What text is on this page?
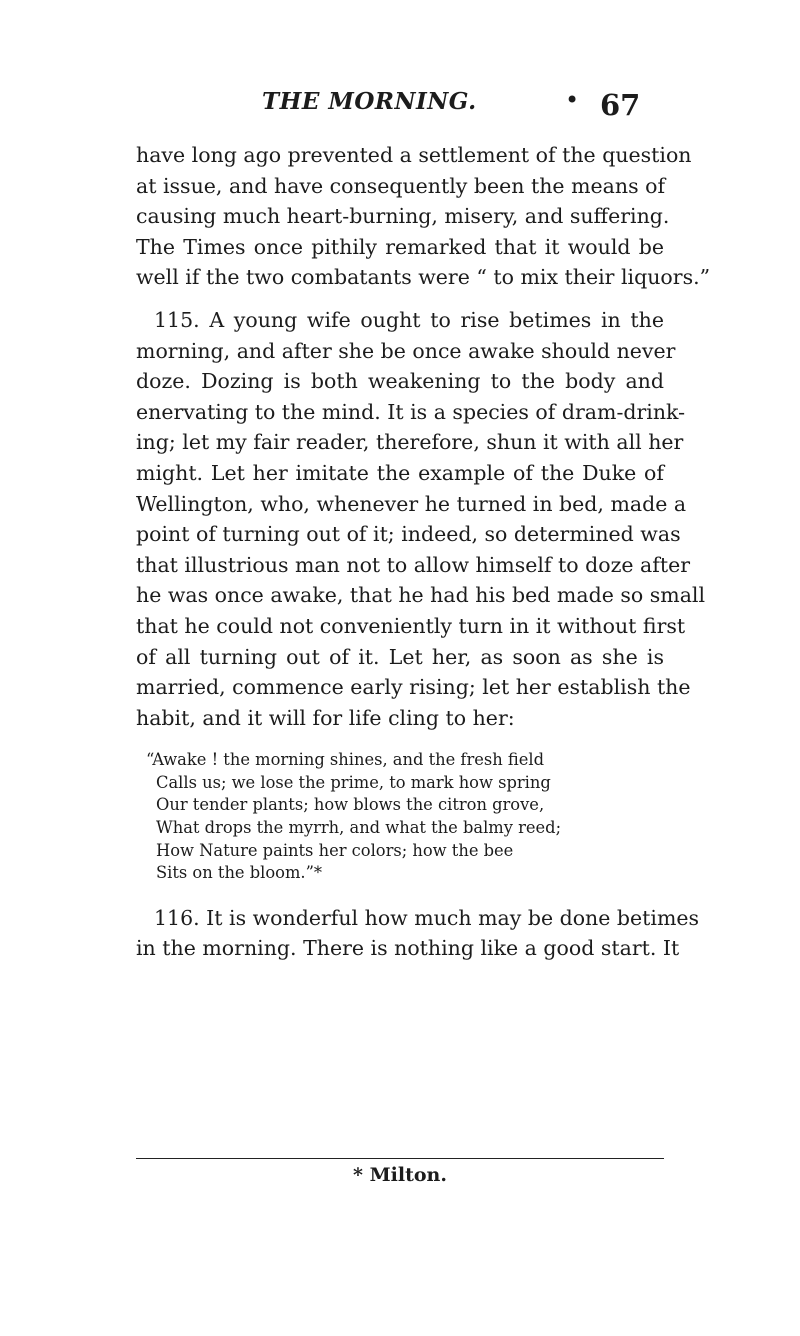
THE MORNING.	• 67
have long ago prevented a settlement of the question
at issue, and have consequently been the means of
causing much heart-burning, misery, and suffering.
The Times once pithily remarked that it would be
well if the two combatants were “ to mix their liquors.”
115. A young wife ought to rise betimes in the
morning, and after she be once awake should never
doze. Dozing is both weakening to the body and
enervating to the mind. It is a species of dram-drink-
ing; let my fair reader, therefore, shun it with all her
might. Let her imitate the example of the Duke of
Wellington, who, whenever he turned in bed, made a
point of turning out of it; indeed, so determined was
that illustrious man not to allow himself to doze after
he was once awake, that he had his bed made so small
that he could not conveniently turn in it without first
of all turning out of it. Let her, as soon as she is
married, commence early rising; let her establish the
habit, and it will for life cling to her:
“Awake ! the morning shines, and the fresh field
Calls us; we lose the prime, to mark how spring
Our tender plants; how blows the citron grove,
What drops the myrrh, and what the balmy reed;
How Nature paints her colors; how the bee
Sits on the bloom.”*
116. It is wonderful how much may be done betimes
in the morning. There is nothing like a good start. It
* Milton.
